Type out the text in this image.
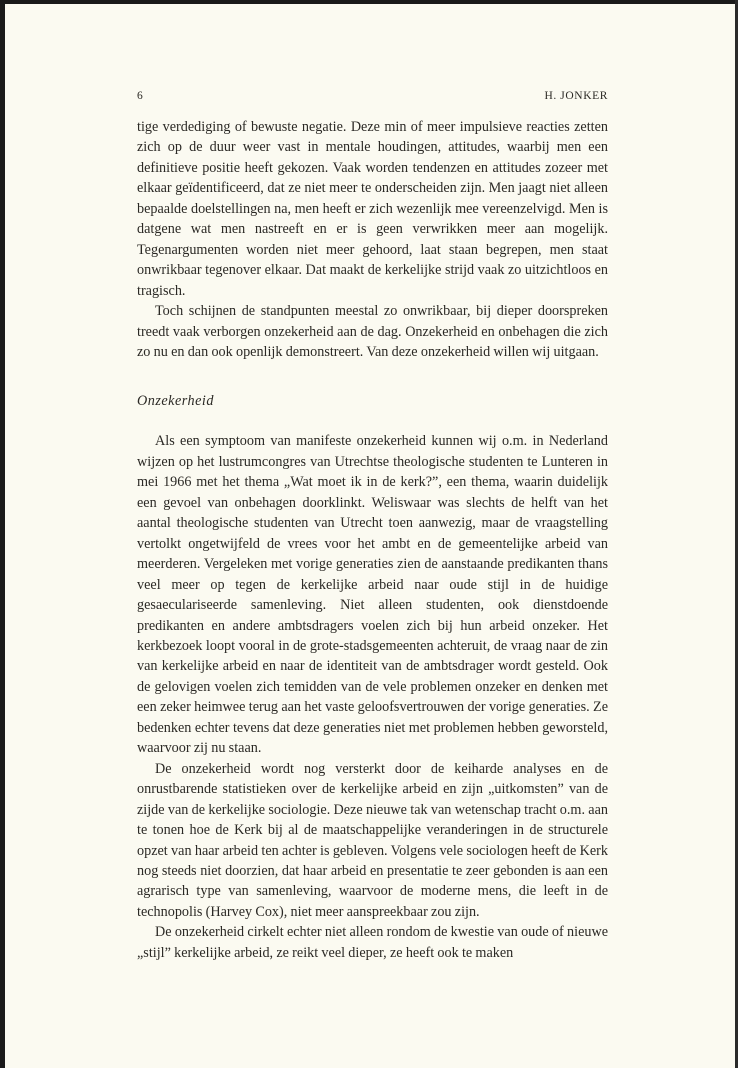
6	H. JONKER

tige verdediging of bewuste negatie. Deze min of meer impulsieve reacties zetten zich op de duur weer vast in mentale houdingen, attitudes, waarbij men een definitieve positie heeft gekozen. Vaak worden tendenzen en attitudes zozeer met elkaar geïdentificeerd, dat ze niet meer te onderscheiden zijn. Men jaagt niet alleen bepaalde doelstellingen na, men heeft er zich wezenlijk mee vereenzelvigd. Men is datgene wat men nastreeft en er is geen verwrikken meer aan mogelijk. Tegenargumenten worden niet meer gehoord, laat staan begrepen, men staat onwrikbaar tegenover elkaar. Dat maakt de kerkelijke strijd vaak zo uitzichtloos en tragisch.

Toch schijnen de standpunten meestal zo onwrikbaar, bij dieper doorspreken treedt vaak verborgen onzekerheid aan de dag. Onzekerheid en onbehagen die zich zo nu en dan ook openlijk demonstreert. Van deze onzekerheid willen wij uitgaan.

Onzekerheid

Als een symptoom van manifeste onzekerheid kunnen wij o.m. in Nederland wijzen op het lustrumcongres van Utrechtse theologische studenten te Lunteren in mei 1966 met het thema „Wat moet ik in de kerk?”, een thema, waarin duidelijk een gevoel van onbehagen doorklinkt. Weliswaar was slechts de helft van het aantal theologische studenten van Utrecht toen aanwezig, maar de vraagstelling vertolkt ongetwijfeld de vrees voor het ambt en de gemeentelijke arbeid van meerderen. Vergeleken met vorige generaties zien de aanstaande predikanten thans veel meer op tegen de kerkelijke arbeid naar oude stijl in de huidige gesaeculariseerde samenleving. Niet alleen studenten, ook dienstdoende predikanten en andere ambtsdragers voelen zich bij hun arbeid onzeker. Het kerkbezoek loopt vooral in de grote-stadsgemeenten achteruit, de vraag naar de zin van kerkelijke arbeid en naar de identiteit van de ambtsdrager wordt gesteld. Ook de gelovigen voelen zich temidden van de vele problemen onzeker en denken met een zeker heimwee terug aan het vaste geloofsvertrouwen der vorige generaties. Ze bedenken echter tevens dat deze generaties niet met problemen hebben geworsteld, waarvoor zij nu staan.

De onzekerheid wordt nog versterkt door de keiharde analyses en de onrustbarende statistieken over de kerkelijke arbeid en zijn „uitkomsten” van de zijde van de kerkelijke sociologie. Deze nieuwe tak van wetenschap tracht o.m. aan te tonen hoe de Kerk bij al de maatschappelijke veranderingen in de structurele opzet van haar arbeid ten achter is gebleven. Volgens vele sociologen heeft de Kerk nog steeds niet doorzien, dat haar arbeid en presentatie te zeer gebonden is aan een agrarisch type van samenleving, waarvoor de moderne mens, die leeft in de technopolis (Harvey Cox), niet meer aanspreekbaar zou zijn.

De onzekerheid cirkelt echter niet alleen rondom de kwestie van oude of nieuwe „stijl” kerkelijke arbeid, ze reikt veel dieper, ze heeft ook te maken
